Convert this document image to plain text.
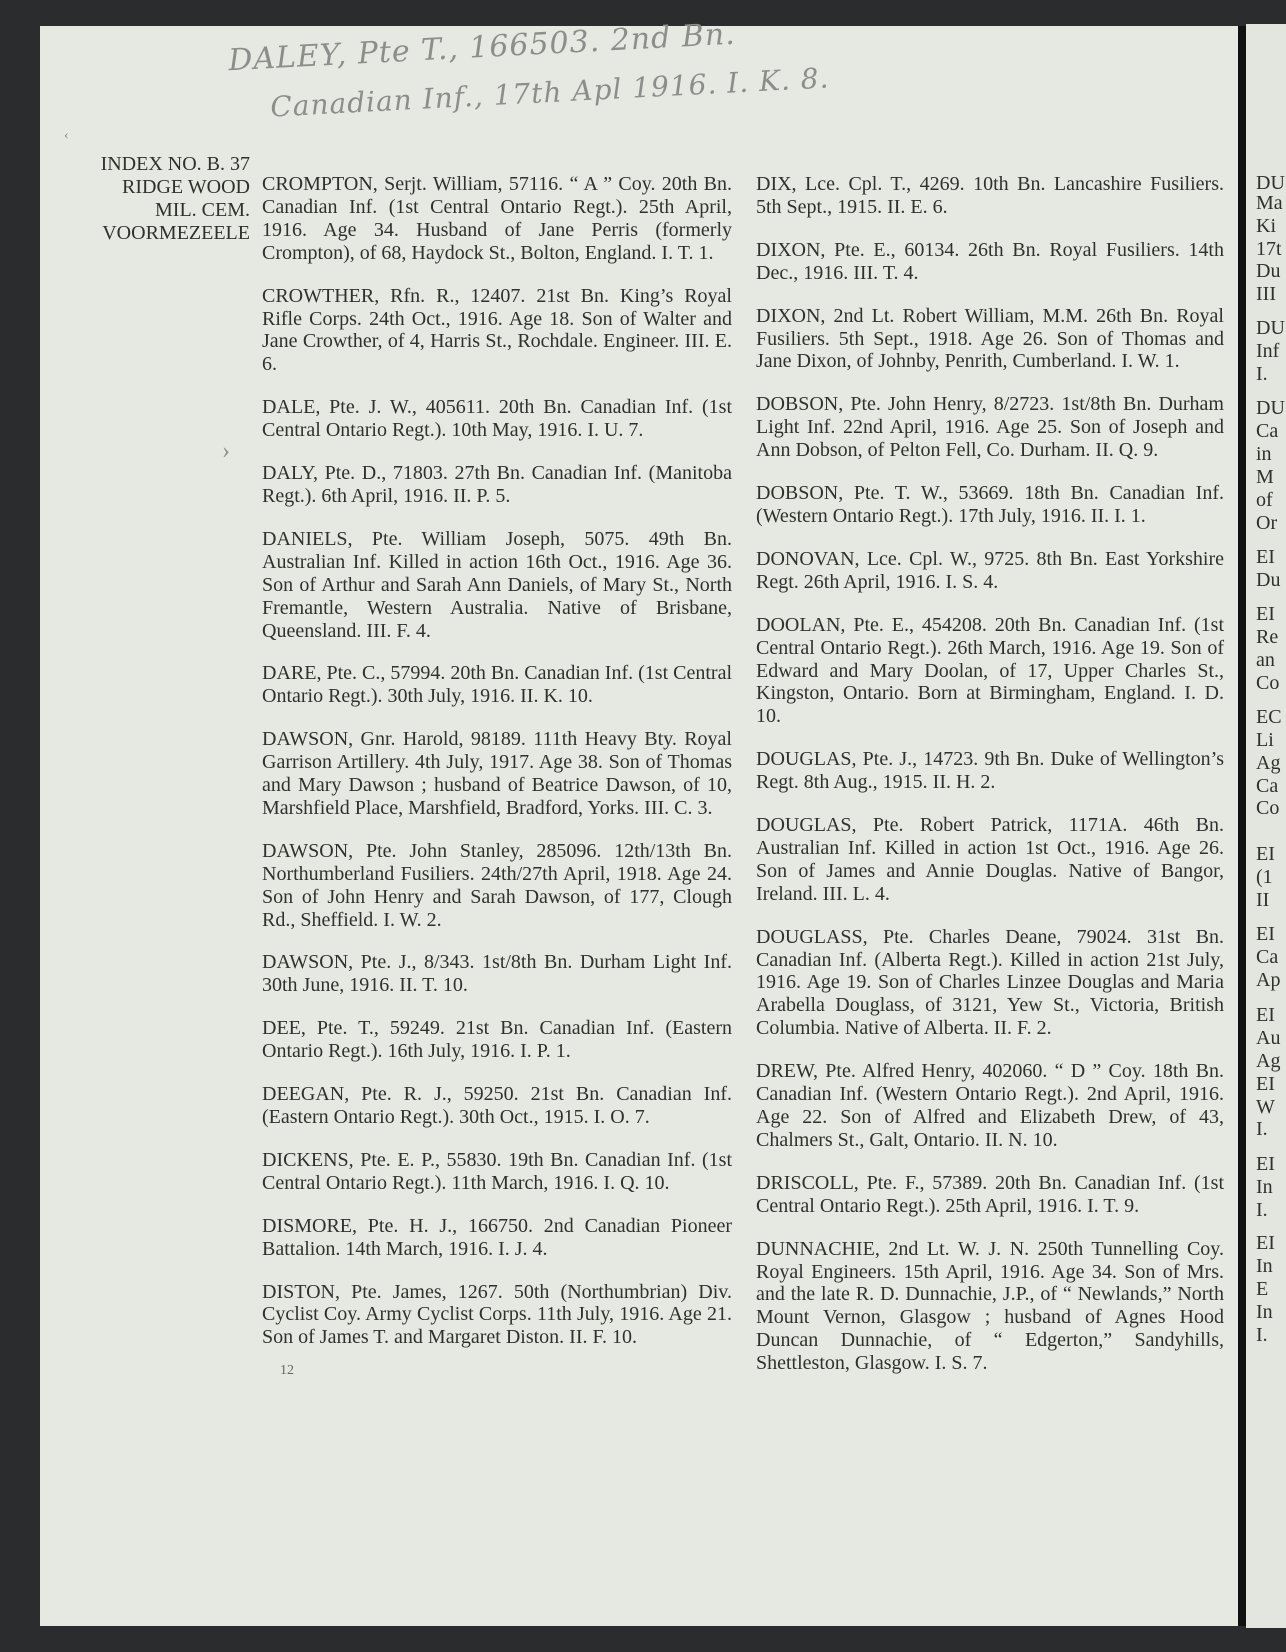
DALEY, Pte T., 166503. 2nd Bn.
Canadian Inf., 17th Apl 1916. I. K. 8.
‹
›
INDEX NO. B. 37
RIDGE WOOD
MIL. CEM.
VOORMEZEELE

CROMPTON, Serjt. William, 57116. “ A ” Coy. 20th Bn. Canadian Inf. (1st Central Ontario Regt.). 25th April, 1916. Age 34. Husband of Jane Perris (formerly Crompton), of 68, Haydock St., Bolton, England. I. T. 1.

CROWTHER, Rfn. R., 12407. 21st Bn. King’s Royal Rifle Corps. 24th Oct., 1916. Age 18. Son of Walter and Jane Crowther, of 4, Harris St., Rochdale. Engineer. III. E. 6.

DALE, Pte. J. W., 405611. 20th Bn. Canadian Inf. (1st Central Ontario Regt.). 10th May, 1916. I. U. 7.

DALY, Pte. D., 71803. 27th Bn. Canadian Inf. (Manitoba Regt.). 6th April, 1916. II. P. 5.

DANIELS, Pte. William Joseph, 5075. 49th Bn. Australian Inf. Killed in action 16th Oct., 1916. Age 36. Son of Arthur and Sarah Ann Daniels, of Mary St., North Fremantle, Western Australia. Native of Brisbane, Queensland. III. F. 4.

DARE, Pte. C., 57994. 20th Bn. Canadian Inf. (1st Central Ontario Regt.). 30th July, 1916. II. K. 10.

DAWSON, Gnr. Harold, 98189. 111th Heavy Bty. Royal Garrison Artillery. 4th July, 1917. Age 38. Son of Thomas and Mary Dawson ; husband of Beatrice Dawson, of 10, Marshfield Place, Marshfield, Bradford, Yorks. III. C. 3.

DAWSON, Pte. John Stanley, 285096. 12th/13th Bn. Northumberland Fusiliers. 24th/27th April, 1918. Age 24. Son of John Henry and Sarah Dawson, of 177, Clough Rd., Sheffield. I. W. 2.

DAWSON, Pte. J., 8/343. 1st/8th Bn. Durham Light Inf. 30th June, 1916. II. T. 10.

DEE, Pte. T., 59249. 21st Bn. Canadian Inf. (Eastern Ontario Regt.). 16th July, 1916. I. P. 1.

DEEGAN, Pte. R. J., 59250. 21st Bn. Canadian Inf. (Eastern Ontario Regt.). 30th Oct., 1915. I. O. 7.

DICKENS, Pte. E. P., 55830. 19th Bn. Canadian Inf. (1st Central Ontario Regt.). 11th March, 1916. I. Q. 10.

DISMORE, Pte. H. J., 166750. 2nd Canadian Pioneer Battalion. 14th March, 1916. I. J. 4.

DISTON, Pte. James, 1267. 50th (Northumbrian) Div. Cyclist Coy. Army Cyclist Corps. 11th July, 1916. Age 21. Son of James T. and Margaret Diston. II. F. 10.

DIX, Lce. Cpl. T., 4269. 10th Bn. Lancashire Fusiliers. 5th Sept., 1915. II. E. 6.

DIXON, Pte. E., 60134. 26th Bn. Royal Fusiliers. 14th Dec., 1916. III. T. 4.

DIXON, 2nd Lt. Robert William, M.M. 26th Bn. Royal Fusiliers. 5th Sept., 1918. Age 26. Son of Thomas and Jane Dixon, of Johnby, Penrith, Cumberland. I. W. 1.

DOBSON, Pte. John Henry, 8/2723. 1st/8th Bn. Durham Light Inf. 22nd April, 1916. Age 25. Son of Joseph and Ann Dobson, of Pelton Fell, Co. Durham. II. Q. 9.

DOBSON, Pte. T. W., 53669. 18th Bn. Canadian Inf. (Western Ontario Regt.). 17th July, 1916. II. I. 1.

DONOVAN, Lce. Cpl. W., 9725. 8th Bn. East Yorkshire Regt. 26th April, 1916. I. S. 4.

DOOLAN, Pte. E., 454208. 20th Bn. Canadian Inf. (1st Central Ontario Regt.). 26th March, 1916. Age 19. Son of Edward and Mary Doolan, of 17, Upper Charles St., Kingston, Ontario. Born at Birmingham, England. I. D. 10.

DOUGLAS, Pte. J., 14723. 9th Bn. Duke of Wellington’s Regt. 8th Aug., 1915. II. H. 2.

DOUGLAS, Pte. Robert Patrick, 1171A. 46th Bn. Australian Inf. Killed in action 1st Oct., 1916. Age 26. Son of James and Annie Douglas. Native of Bangor, Ireland. III. L. 4.

DOUGLASS, Pte. Charles Deane, 79024. 31st Bn. Canadian Inf. (Alberta Regt.). Killed in action 21st July, 1916. Age 19. Son of Charles Linzee Douglas and Maria Arabella Douglass, of 3121, Yew St., Victoria, British Columbia. Native of Alberta. II. F. 2.

DREW, Pte. Alfred Henry, 402060. “ D ” Coy. 18th Bn. Canadian Inf. (Western Ontario Regt.). 2nd April, 1916. Age 22. Son of Alfred and Elizabeth Drew, of 43, Chalmers St., Galt, Ontario. II. N. 10.

DRISCOLL, Pte. F., 57389. 20th Bn. Canadian Inf. (1st Central Ontario Regt.). 25th April, 1916. I. T. 9.

DUNNACHIE, 2nd Lt. W. J. N. 250th Tunnelling Coy. Royal Engineers. 15th April, 1916. Age 34. Son of Mrs. and the late R. D. Dunnachie, J.P., of “ Newlands,” North Mount Vernon, Glasgow ; husband of Agnes Hood Duncan Dunnachie, of “ Edgerton,” Sandyhills, Shettleston, Glasgow. I. S. 7.

12
DU
Ma
Ki
17t
Du
III
DU
Inf
I.
DU
Ca
in
M
of
Or
EI
Du
EI
Re
an
Co
EC
Li
Ag
Ca
Co
EI
(1
II
EI
Ca
Ap
EI
Au
Ag
EI
W
I.
EI
In
I.
EI
In
E
In
I.
